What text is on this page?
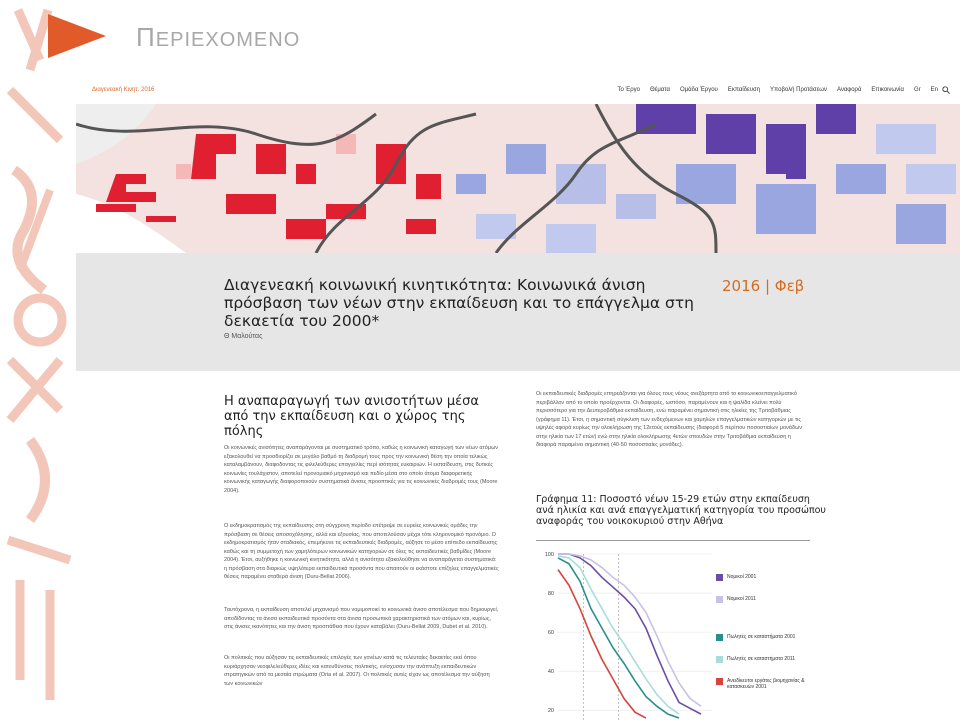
ΠΕΡΙΕΧΟΜΕΝΟ
Διαγενεακή Κινητ. 2016	Το Έργο Θέματα Ομάδα Έργου Εκπαίδευση Υποβολή Προτάσεων Αναφορά Επικοινωνία Gr En
Διαγενεακή κοινωνική κινητικότητα: Κοινωνικά άνιση πρόσβαση των νέων στην εκπαίδευση και το επάγγελμα στη δεκαετία του 2000*
Θ Μαλούτας
2016 | Φεβ
Η αναπαραγωγή των ανισοτήτων μέσα από την εκπαίδευση και ο χώρος της πόλης
Οι κοινωνικές ανισότητες αναπαράγονται με συστηματικό τρόπο, καθώς η κοινωνική καταγωγή των νέων ατόμων εξακολουθεί να προσδιορίζει σε μεγάλο βαθμό τη διαδρομή τους προς την κοινωνική θέση την οποία τελικώς καταλαμβάνουν, διαφοδοντας τις φιλελεύθερες επαγγελίες περί ισότητας ευκαιριών. Η εκπαίδευση, στις δυτικές κοινωνίες τουλάχιστον, αποτελεί προνομιακό μηχανισμό και πεδίο μέσα στο οποίο άτομα διαφορετικής κοινωνικής καταγωγής διαφοροποιούν συστηματικά άνισες προοπτικές για τις κοινωνικές διαδρομές τους (Moore 2004).
Ο εκδημοκρατισμός της εκπαίδευσης στη σύγχρονη περίοδο επέτρεψε σε ευρείες κοινωνικές ομάδες την πρόσβαση σε θέσεις αποσοχόλησης, αλλά και εξουσίας, που αποτελούσαν μέχρι τότε κληρονομικό προνόμιο. Ο εκδημοκρατισμός ήταν σταδιακός, επεμήκυνε τις εκπαιδευτικές διαδρομές, αύξησε το μέσο επίπεδο εκπαίδευσης καθώς και τη συμμετοχή των χαμηλότερων κοινωνικών κατηγοριών σε όλες τις εκπαιδευτικές βαθμίδες (Moore 2004). Έτσι, αυξήθηκε η κοινωνική κινητικότητα, αλλά η ανισότητα εξακολούθησε να αναπαράγεται συστηματικά: η πρόσβαση στα διαρκώς υψηλότερα εκπαιδευτικά προσόντα που απαιτούν οι εκάστοτε επίζηλες επαγγελματικές θέσεις παραμένει σταθερά άνιση (Duru-Bellat 2006).
Ταυτόχρονα, η εκπαίδευση αποτελεί μηχανισμό που νομιμοποιεί το κοινωνικά άνισο αποτέλεσμα που δημιουργεί, αποδίδοντας τα άνισα εκπαιδευτικά προσόντα στα άνισα προσωπικά χαρακτηριστικά των ατόμων και, κυρίως, στις άνισες ικανότητες και την άνιση προσπάθεια που έχουν καταβάλει (Duru-Bellat 2009, Dubet et al. 2010).
Οι πολιτικές που αύξησαν τις εκπαιδευτικές επιλογές των γονέων κατά τις τελευταίες δεκαετίες εκεί όπου κυριάρχησαν νεοφιλελεύθερες ιδέες και κατευθύνσεις πολιτικής, ενίσχυσαν την ανάπτυξη εκπαιδευτικών στρατηγικών από τα μεσαία στρώματα (Oria et al. 2007). Οι πολιτικές αυτές είχαν ως αποτέλεσμα την αύξηση των κοινωνικών
Οι εκπαιδευτικές διαδρομές επηρεάζονται για όλους τους νέους ανεξάρτητα από το κοινωνικοεπαγγελματικό περιβάλλον από το οποίο προέρχονται. Οι διαφορές, ωστόσο, παραμένουν και η ψαλίδα κλείνει πολύ περισσότερο για την Δευτεροβάθμια εκπαίδευση, ενώ παραμένει σημαντική στις ηλικίες της Τριτοβάθμιας (γράφημα 11). Έτσι, η σημαντική σύγκλιση των ενδεχόμενων και χαμηλών επαγγελματικών κατηγοριών με τις υψηλές αφορά κυρίως την ολοκλήρωση της 12ετούς εκπαίδευσης (διαφορά 5 περίπου ποσοστιαίων μονάδων στην ηλικία των 17 ετών) ενώ στην ηλικία ολοκλήρωσης 4ετών σπουδών στην Τριτοβάθμια εκπαίδευση η διαφορά παραμένει σημαντική (40-50 ποσοστιαίες μονάδες).
Γράφημα 11: Ποσοστό νέων 15-29 ετών στην εκπαίδευση ανά ηλικία και ανά επαγγελματική κατηγορία του προσώπου αναφοράς του νοικοκυριού στην Αθήνα
100
80
60
40
20
Νομικοί 2001
Νομικοί 2011
Πωλητές σε καταστήματα 2001
Πωλητές σε καταστήματα 2011
Ανειδίκευτοι εργάτες βιομηχανίας & κατασκευών 2001
